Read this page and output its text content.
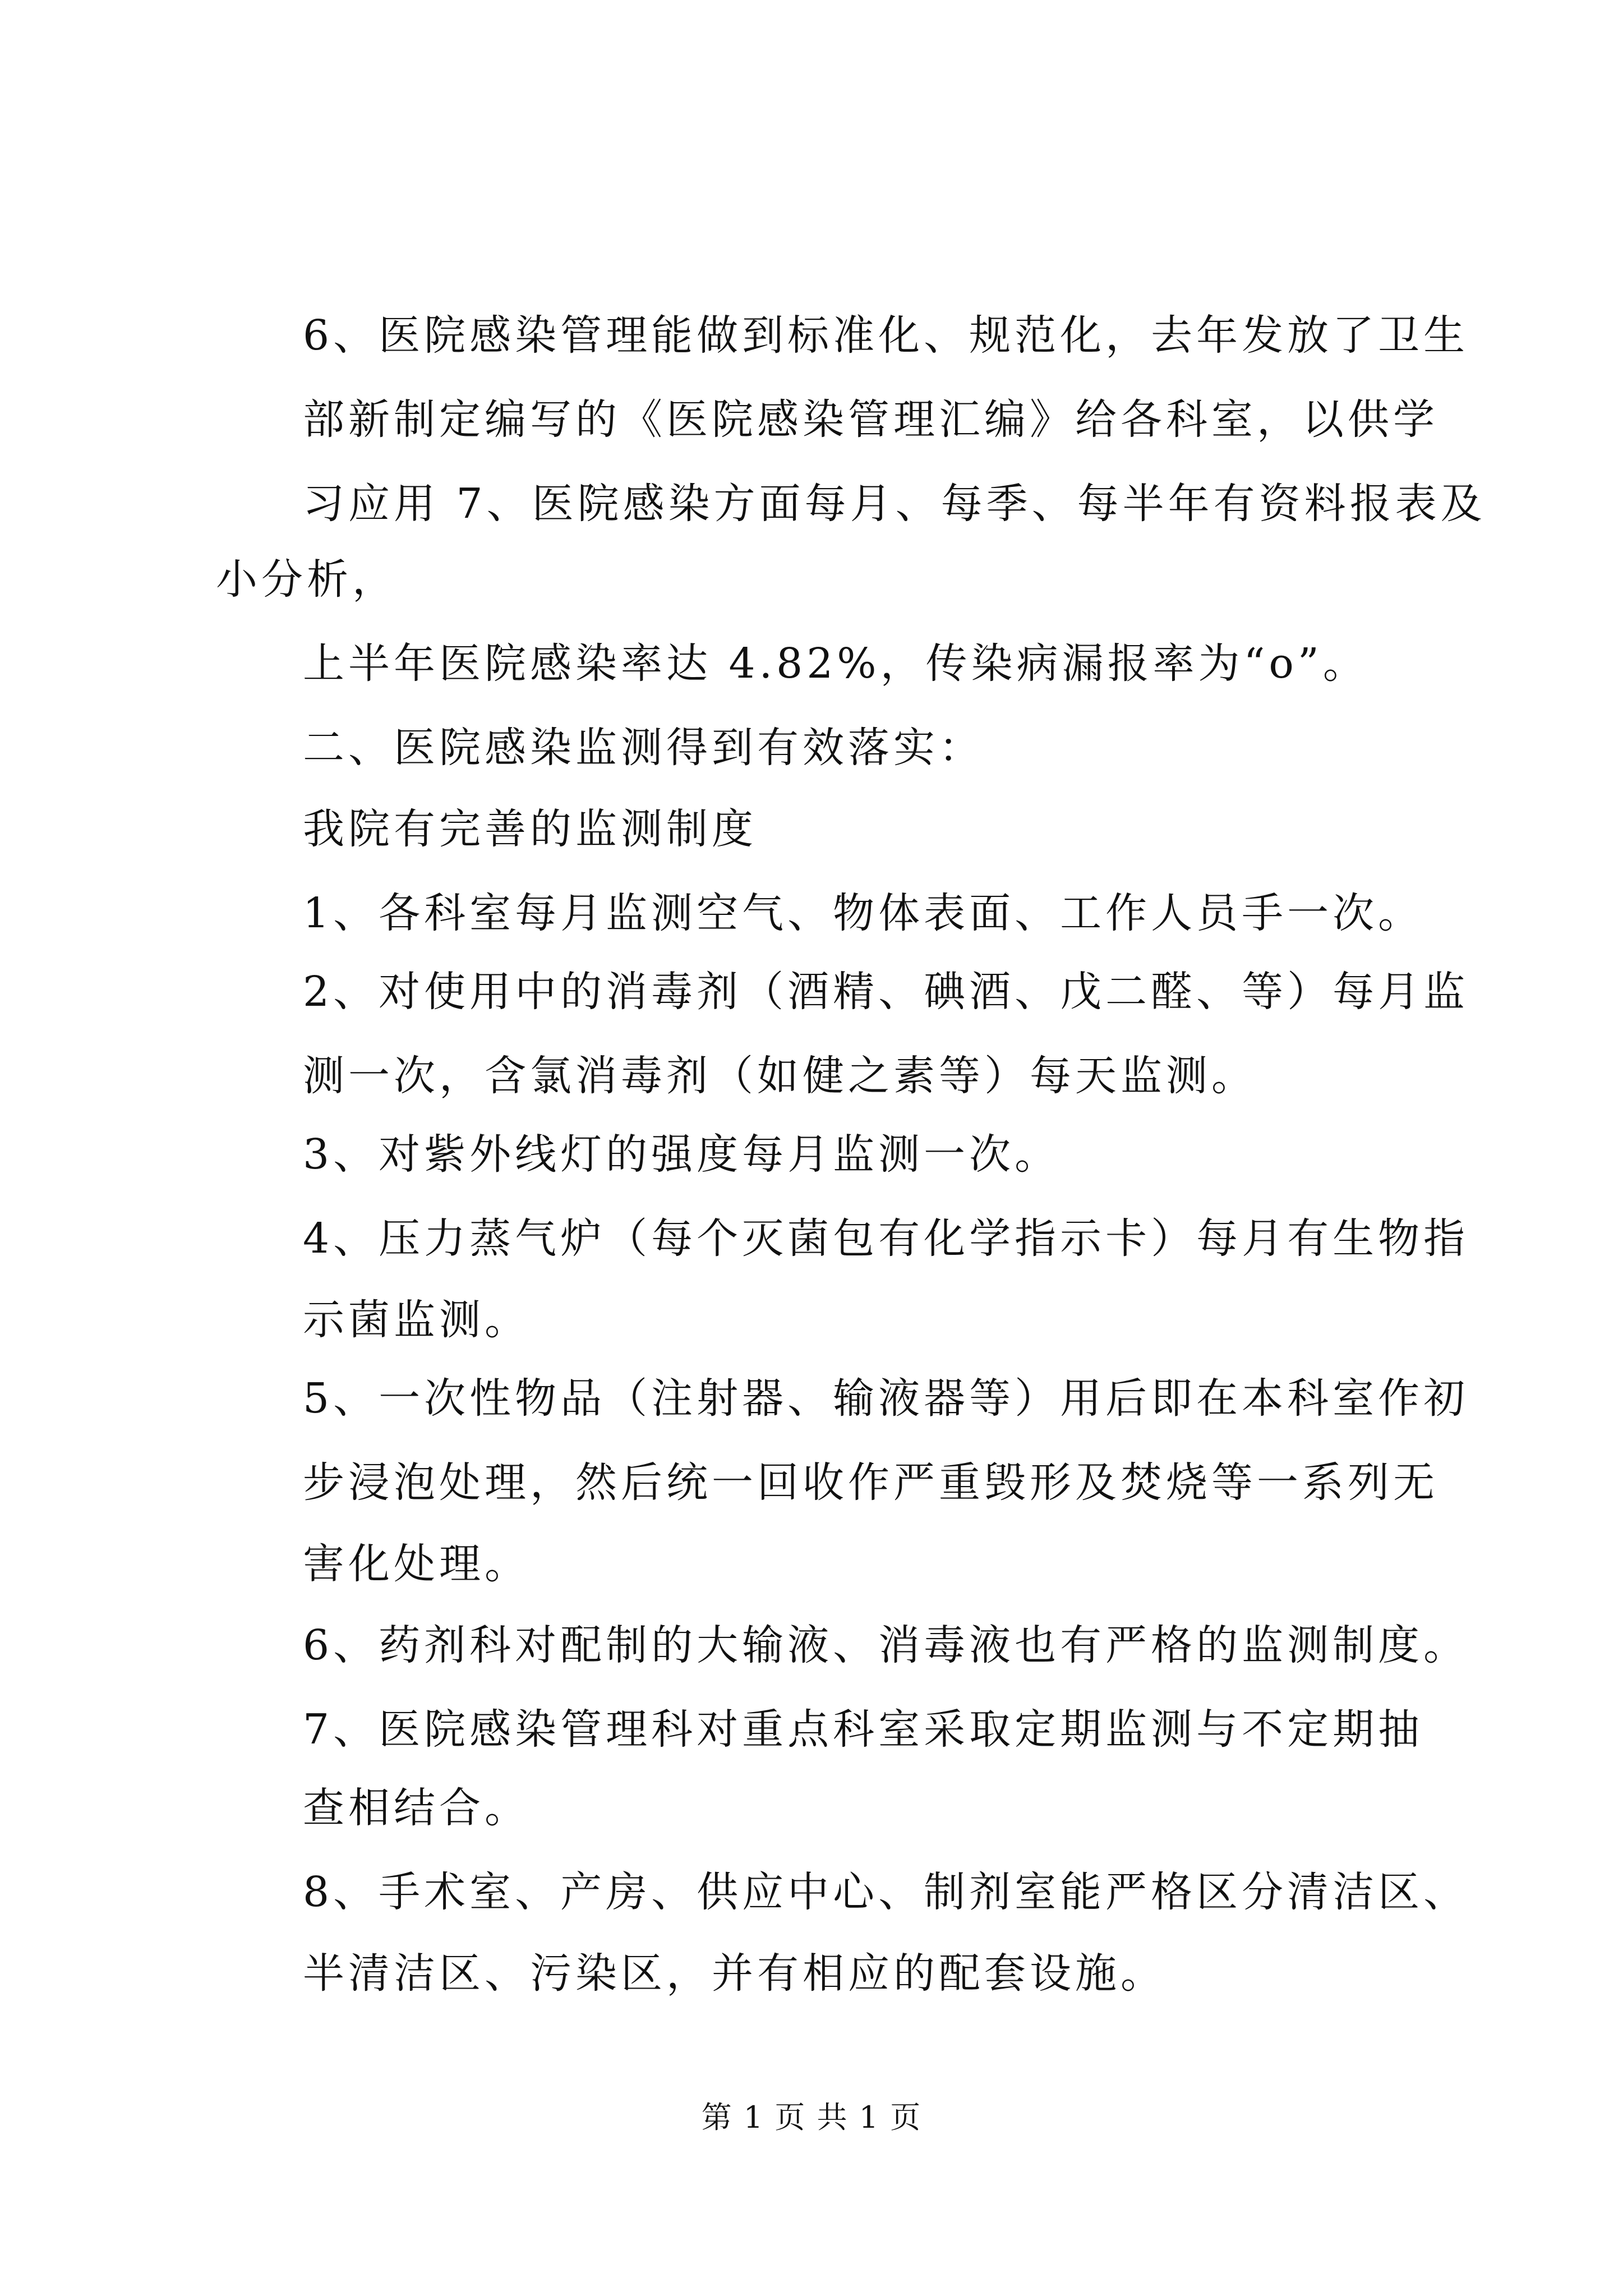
6、医院感染管理能做到标准化、规范化，去年发放了卫生
部新制定编写的《医院感染管理汇编》给各科室，以供学
习应用 7、医院感染方面每月、每季、每半年有资料报表及
小分析，
上半年医院感染率达 4.82%，传染病漏报率为“o”。
二、医院感染监测得到有效落实：
我院有完善的监测制度
1、各科室每月监测空气、物体表面、工作人员手一次。
2、对使用中的消毒剂（酒精、碘酒、戊二醛、等）每月监
测一次，含氯消毒剂（如健之素等）每天监测。
3、对紫外线灯的强度每月监测一次。
4、压力蒸气炉（每个灭菌包有化学指示卡）每月有生物指
示菌监测。
5、一次性物品（注射器、输液器等）用后即在本科室作初
步浸泡处理，然后统一回收作严重毁形及焚烧等一系列无
害化处理。
6、药剂科对配制的大输液、消毒液也有严格的监测制度。
7、医院感染管理科对重点科室采取定期监测与不定期抽
查相结合。
8、手术室、产房、供应中心、制剂室能严格区分清洁区、
半清洁区、污染区，并有相应的配套设施。
第 1 页 共 1 页
